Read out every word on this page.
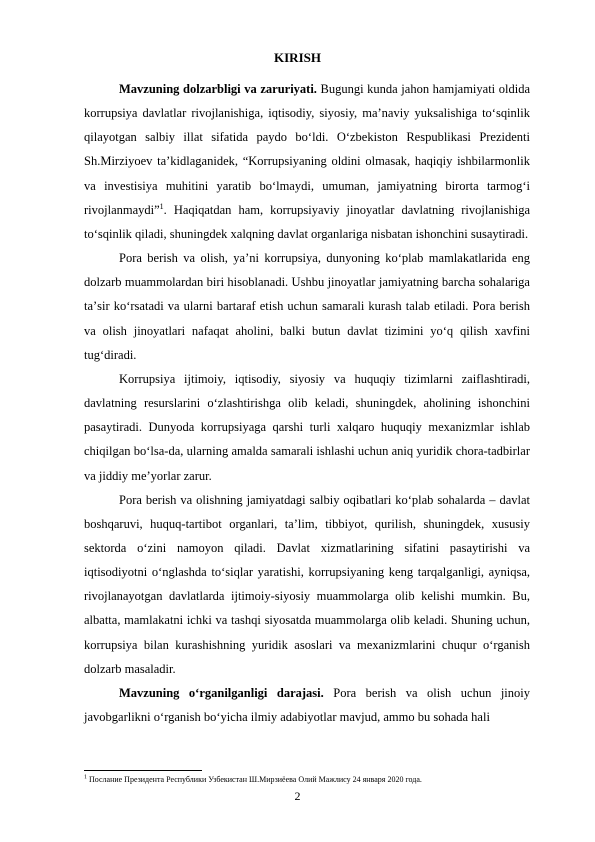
KIRISH

Mavzuning dolzarbligi va zaruriyati. Bugungi kunda jahon hamjamiyati oldida korrupsiya davlatlar rivojlanishiga, iqtisodiy, siyosiy, maʼnaviy yuksalishiga toʻsqinlik qilayotgan salbiy illat sifatida paydo boʻldi. Oʻzbekiston Respublikasi Prezidenti Sh.Mirziyoev taʼkidlaganidek, “Korrupsiyaning oldini olmasak, haqiqiy ishbilarmonlik va investisiya muhitini yaratib boʻlmaydi, umuman, jamiyatning birorta tarmogʻi rivojlanmaydi”$^1$. Haqiqatdan ham, korrupsiyaviy jinoyatlar davlatning rivojlanishiga toʻsqinlik qiladi, shuningdek xalqning davlat organlariga nisbatan ishonchini susaytiradi.

Pora berish va olish, yaʼni korrupsiya, dunyoning koʻplab mamlakatlarida eng dolzarb muammolardan biri hisoblanadi. Ushbu jinoyatlar jamiyatning barcha sohalariga taʼsir koʻrsatadi va ularni bartaraf etish uchun samarali kurash talab etiladi. Pora berish va olish jinoyatlari nafaqat aholini, balki butun davlat tizimini yoʻq qilish xavfini tugʻdiradi.

Korrupsiya ijtimoiy, iqtisodiy, siyosiy va huquqiy tizimlarni zaiflashtiradi, davlatning resurslarini oʻzlashtirishga olib keladi, shuningdek, aholining ishonchini pasaytiradi. Dunyoda korrupsiyaga qarshi turli xalqaro huquqiy mexanizmlar ishlab chiqilgan boʻlsa-da, ularning amalda samarali ishlashi uchun aniq yuridik chora-tadbirlar va jiddiy meʼyorlar zarur.

Pora berish va olishning jamiyatdagi salbiy oqibatlari koʻplab sohalarda – davlat boshqaruvi, huquq-tartibot organlari, taʼlim, tibbiyot, qurilish, shuningdek, xususiy sektorda oʻzini namoyon qiladi. Davlat xizmatlarining sifatini pasaytirishi va iqtisodiyotni oʻnglashda toʻsiqlar yaratishi, korrupsiyaning keng tarqalganligi, ayniqsa, rivojlanayotgan davlatlarda ijtimoiy-siyosiy muammolarga olib kelishi mumkin. Bu, albatta, mamlakatni ichki va tashqi siyosatda muammolarga olib keladi. Shuning uchun, korrupsiya bilan kurashishning yuridik asoslari va mexanizmlarini chuqur oʻrganish dolzarb masaladir.

Mavzuning oʻrganilganligi darajasi. Pora berish va olish uchun jinoiy javobgarlikni oʻrganish boʻyicha ilmiy adabiyotlar mavjud, ammo bu sohada hali

$^1$ Послание Президента Республики Узбекистан Ш.Мирзиёева Олий Мажлису 24 января 2020 года.
2
